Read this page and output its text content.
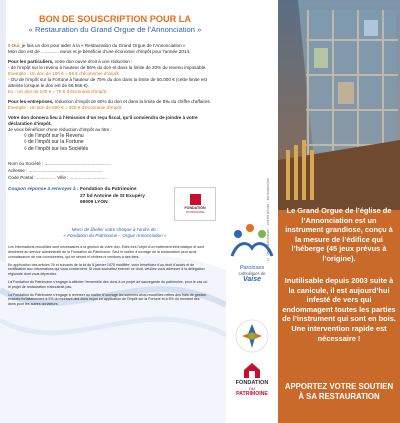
BON DE SOUSCRIPTION POUR LA
« Restauration du Grand Orgue de l’Annonciation »

◊ Oui, je fais un don pour aider à la « Restauration du Grand Orgue de l’Annonciation »

Mon don est de .............. euros et je bénéficie d’une économie d’impôt pour l’année 2014.

Pour les particuliers, votre don ouvre droit à une réduction :

- de l’impôt sur le revenu à hauteur de 66% du don et dans la limite de 20% du revenu imposable.

Exemple : Un don de 100 € = 66 € d’économie d’impôt.

- OU de l’impôt sur la Fortune à hauteur de 75% du don dans la limite de 50.000 € (cette limite est atteinte lorsque le don est de 66.666 €).

Ex : Un don de 100 € = 75 € d’économie d’impôt.

Pour les entreprises, réduction d’impôt de 60% du don et dans la limite de 5‰ du chiffre d’affaires.

Exemple : Un don de 500 € = 300 € d’économie d’impôt.

Votre don donnera lieu à l’émission d’un reçu fiscal, qu’il conviendra de joindre à votre déclaration d’impôt.

Je veux bénéficier d’une réduction d’impôt au titre :

◊ de l’impôt sur le Revenu
◊ de l’impôt sur la Fortune
◊ de l’impôt sur les Sociétés
Nom ou Société : ....................................................
Adresse : ..........................................................
Code Postal : ............... Ville : ..............................
Coupon réponse à renvoyer à : Fondation du Patrimoine
27 bd Antoine de St Exupéry
69009 LYON
FONDATION
PATRIMOINE
Merci de libeller votre chèque à l’ordre de :
« Fondation du Patrimoine – Orgue Annonciation »

Les informations recueillies sont nécessaires à la gestion de votre don. Elles font l’objet d’un traitement informatique et sont destinées au service administratif de la Fondation du Patrimoine. Seul le maître d’ouvrage de la restauration peut avoir connaissance de vos coordonnées, qui ne seront ni cédées ni vendues à des tiers.

En application des articles 39 et suivants de la loi du 6 janvier 1978 modifiée, vous bénéficiez d’un droit d’accès et de rectification aux informations qui vous concernent. Si vous souhaitez exercer ce droit, veuillez vous adresser à la délégation régionale dont vous dépendez.

La Fondation du Patrimoine s’engage à affecter l’ensemble des dons à ce projet de sauvegarde du patrimoine, pour le cas où le projet de restauration n’aboutirait pas.

La Fondation du Patrimoine s’engage à reverser au maître d’ouvrage les sommes ainsi recueillies nettes des frais de gestion évalués forfaitairement à 5% du montant des dons reçus en application de l’impôt sur la Fortune et à 5% du montant des dons pour les autres donateurs.

Paroisses
catholiques de
Vaise
FONDATION
DU
PATRIMOINE
© Vaiseaxcitation - crédit photo : tarlouphotos	Le Grand Orgue de l’église de l’Annonciation est un instrument grandiose, conçu à la mesure de l’édifice qui l’héberge (45 jeux prévus à l’origine).
Inutilisable depuis 2003 suite à la canicule, il est aujourd’hui infesté de vers qui endommagent toutes les parties de l’instrument qui sont en bois. Une intervention rapide est nécessaire !
APPORTEZ VOTRE SOUTIEN À SA RESTAURATION
